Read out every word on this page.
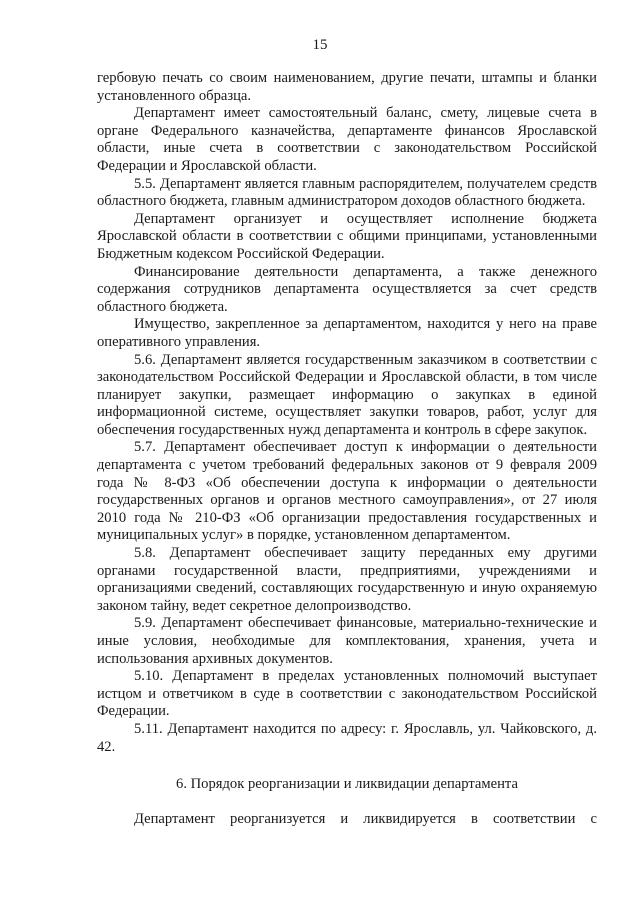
15

гербовую печать со своим наименованием, другие печати, штампы и бланки установленного образца.

Департамент имеет самостоятельный баланс, смету, лицевые счета в органе Федерального казначейства, департаменте финансов Ярославской области, иные счета в соответствии с законодательством Российской Федерации и Ярославской области.

5.5. Департамент является главным распорядителем, получателем средств областного бюджета, главным администратором доходов областного бюджета.

Департамент организует и осуществляет исполнение бюджета Ярославской области в соответствии с общими принципами, установленными Бюджетным кодексом Российской Федерации.

Финансирование деятельности департамента, а также денежного содержания сотрудников департамента осуществляется за счет средств областного бюджета.

Имущество, закрепленное за департаментом, находится у него на праве оперативного управления.

5.6. Департамент является государственным заказчиком в соответствии с законодательством Российской Федерации и Ярославской области, в том числе планирует закупки, размещает информацию о закупках в единой информационной системе, осуществляет закупки товаров, работ, услуг для обеспечения государственных нужд департамента и контроль в сфере закупок.

5.7. Департамент обеспечивает доступ к информации о деятельности департамента с учетом требований федеральных законов от 9 февраля 2009 года № 8-ФЗ «Об обеспечении доступа к информации о деятельности государственных органов и органов местного самоуправления», от 27 июля 2010 года № 210-ФЗ «Об организации предоставления государственных и муниципальных услуг» в порядке, установленном департаментом.

5.8. Департамент обеспечивает защиту переданных ему другими органами государственной власти, предприятиями, учреждениями и организациями сведений, составляющих государственную и иную охраняемую законом тайну, ведет секретное делопроизводство.

5.9. Департамент обеспечивает финансовые, материально-технические и иные условия, необходимые для комплектования, хранения, учета и использования архивных документов.

5.10. Департамент в пределах установленных полномочий выступает истцом и ответчиком в суде в соответствии с законодательством Российской Федерации.

5.11. Департамент находится по адресу: г. Ярославль, ул. Чайковского, д. 42.

6. Порядок реорганизации и ликвидации департамента

Департамент реорганизуется и ликвидируется в соответствии с
